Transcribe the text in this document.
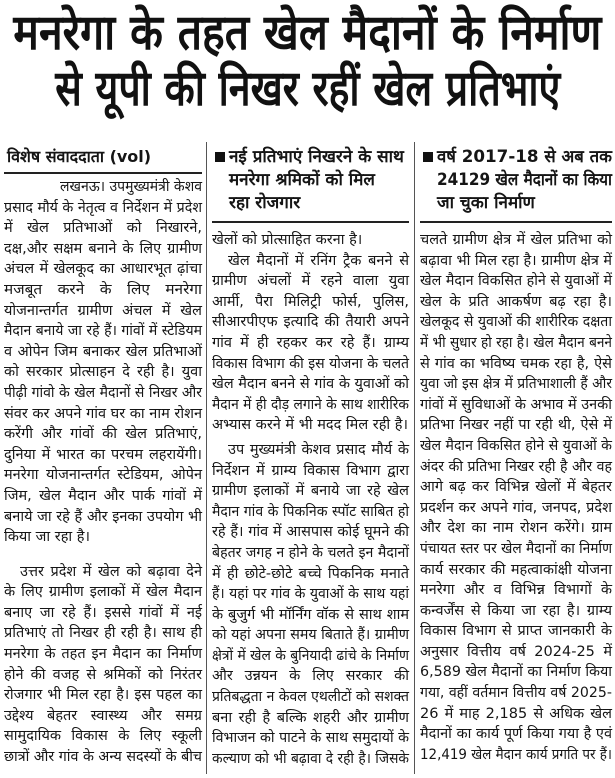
मनरेगा के तहत खेल मैदानों के निर्माण
से यूपी की निखर रहीं खेल प्रतिभाएं
विशेष संवाददाता (vol)	नई प्रतिभाएं निखरने के साथ
मनरेगा श्रमिकों को मिल
रहा रोजगार
वर्ष 2017-18 से अब तक
24129 खेल मैदानों का किया
जा चुका निर्माण
लखनऊ। उपमुख्यमंत्री केशव
प्रसाद मौर्य के नेतृत्व व निर्देशन में प्रदेश
में खेल प्रतिभाओं को निखारने,
दक्ष,और सक्षम बनाने के लिए ग्रामीण
अंचल में खेलकूद का आधारभूत ढ़ांचा
मजबूत करने के लिए मनरेगा
योजनान्तर्गत ग्रामीण अंचल में खेल
मैदान बनाये जा रहे हैं। गांवों में स्टेडियम
व ओपेन जिम बनाकर खेल प्रतिभाओं
को सरकार प्रोत्साहन दे रही है। युवा
पीढ़ी गांवो के खेल मैदानों से निखर और
संवर कर अपने गांव घर का नाम रोशन
करेंगी और गांवों की खेल प्रतिभाएं,
दुनिया में भारत का परचम लहरायेंगी।
मनरेगा योजनान्तर्गत स्टेडियम, ओपेन
जिम, खेल मैदान और पार्क गांवों में
बनाये जा रहे हैं और इनका उपयोग भी
किया जा रहा है।
उत्तर प्रदेश में खेल को बढ़ावा देने
के लिए ग्रामीण इलाकों में खेल मैदान
बनाए जा रहे हैं। इससे गांवों में नई
प्रतिभाएं तो निखर ही रही है। साथ ही
मनरेगा के तहत इन मैदान का निर्माण
होने की वजह से श्रमिकों को निरंतर
रोजगार भी मिल रहा है। इस पहल का
उद्देश्य बेहतर स्वास्थ्य और समग्र
सामुदायिक विकास के लिए स्कूली
छात्रों और गांव के अन्य सदस्यों के बीच
खेलों को प्रोत्साहित करना है।
खेल मैदानों में रनिंग ट्रैक बनने से
ग्रामीण अंचलों में रहने वाला युवा
आर्मी, पैरा मिलिट्री फोर्स, पुलिस,
सीआरपीएफ इत्यादि की तैयारी अपने
गांव में ही रहकर कर रहे हैं। ग्राम्य
विकास विभाग की इस योजना के चलते
खेल मैदान बनने से गांव के युवाओं को
मैदान में ही दौड़ लगाने के साथ शारीरिक
अभ्यास करने में भी मदद मिल रही है।
उप मुख्यमंत्री केशव प्रसाद मौर्य के
निर्देशन में ग्राम्य विकास विभाग द्वारा
ग्रामीण इलाकों में बनाये जा रहे खेल
मैदान गांव के पिकनिक स्पॉट साबित हो
रहे हैं। गांव में आसपास कोई घूमने की
बेहतर जगह न होने के चलते इन मैदानों
में ही छोटे-छोटे बच्चे पिकनिक मनाते
हैं। यहां पर गांव के युवाओं के साथ यहां
के बुजुर्ग भी मॉर्निंग वॉक से साथ शाम
को यहां अपना समय बिताते हैं। ग्रामीण
क्षेत्रों में खेल के बुनियादी ढांचे के निर्माण
और उन्नयन के लिए सरकार की
प्रतिबद्धता न केवल एथलीटों को सशक्त
बना रही है बल्कि शहरी और ग्रामीण
विभाजन को पाटने के साथ समुदायों के
कल्याण को भी बढ़ावा दे रही है। जिसके
चलते ग्रामीण क्षेत्र में खेल प्रतिभा को
बढ़ावा भी मिल रहा है। ग्रामीण क्षेत्र में
खेल मैदान विकसित होने से युवाओं में
खेल के प्रति आकर्षण बढ़ रहा है।
खेलकूद से युवाओं की शारीरिक दक्षता
में भी सुधार हो रहा है। खेल मैदान बनने
से गांव का भविष्य चमक रहा है, ऐसे
युवा जो इस क्षेत्र में प्रतिभाशाली हैं और
गांवों में सुविधाओं के अभाव में उनकी
प्रतिभा निखर नहीं पा रही थी, ऐसे में
खेल मैदान विकसित होने से युवाओं के
अंदर की प्रतिभा निखर रही है और वह
आगे बढ़ कर विभिन्न खेलों में बेहतर
प्रदर्शन कर अपने गांव, जनपद, प्रदेश
और देश का नाम रोशन करेंगे। ग्राम
पंचायत स्तर पर खेल मैदानों का निर्माण
कार्य सरकार की महत्वाकांक्षी योजना
मनरेगा और व विभिन्न विभागों के
कन्वर्जेंस से किया जा रहा है। ग्राम्य
विकास विभाग से प्राप्त जानकारी के
अनुसार वित्तीय वर्ष 2024-25 में
6,589 खेल मैदानों का निर्माण किया
गया, वहीं वर्तमान वित्तीय वर्ष 2025-
26 में माह 2,185 से अधिक खेल
मैदानों का कार्य पूर्ण किया गया है एवं
12,419 खेल मैदान कार्य प्रगति पर हैं।
